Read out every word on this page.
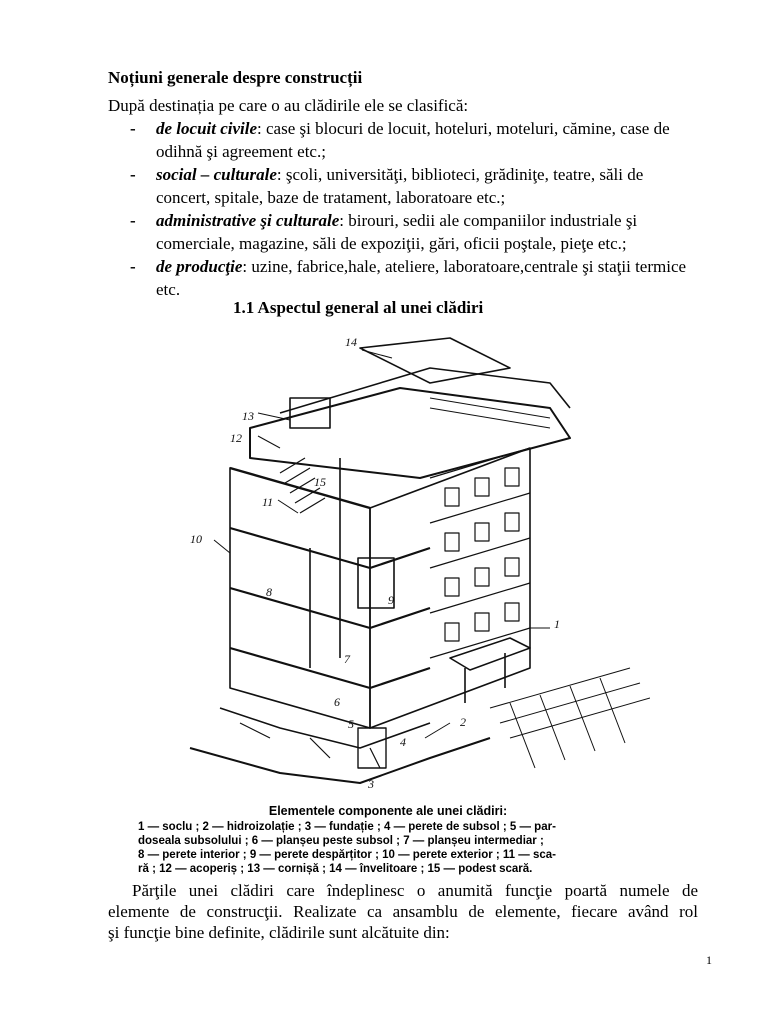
Noțiuni generale despre construcții
După destinația pe care o au clădirile ele se clasifică:
- de locuit civile: case şi blocuri de locuit, hoteluri, moteluri, cămine, case de odihnă şi agreement etc.;
- social – culturale: şcoli, universităţi, biblioteci, grădiniţe, teatre, săli de concert, spitale, baze de tratament, laboratoare etc.;
- administrative şi culturale: birouri, sedii ale companiilor industriale şi comerciale, magazine, săli de expoziţii, gări, oficii poştale, pieţe etc.;
- de producţie: uzine, fabrice,hale, ateliere, laboratoare,centrale şi staţii termice etc.
1.1 Aspectul general al unei clădiri
14
13
12
11
15
10
8
9
1
7
6
2
5
4
3
Elementele componente ale unei clădiri:
1 — soclu ; 2 — hidroizolație ; 3 — fundație ; 4 — perete de subsol ; 5 — par-
doseala subsolului ; 6 — planșeu peste subsol ; 7 — planșeu intermediar ;
8 — perete interior ; 9 — perete despărțitor ; 10 — perete exterior ; 11 — sca-
ră ; 12 — acoperiș ; 13 — cornișă ; 14 — învelitoare ; 15 — podest scară.
Părţile unei clădiri care îndeplinesc o anumită funcţie poartă numele de
elemente de construcţii. Realizate ca ansamblu de elemente, fiecare având rol
şi funcţie bine definite, clădirile sunt alcătuite din:
1
